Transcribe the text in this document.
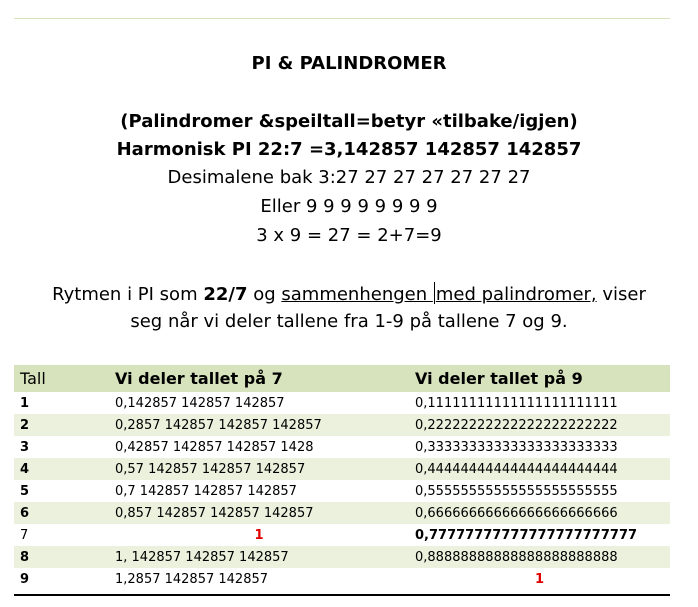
PI & PALINDROMER
(Palindromer &speiltall=betyr «tilbake/igjen)
Harmonisk PI 22:7 =3,142857 142857 142857
Desimalene bak 3:27 27 27 27 27 27 27
Eller 9 9 9 9 9 9 9 9
3 x 9 = 27 = 2+7=9
Rytmen i PI som 22/7 og sammenhengen med palindromer, viser
seg når vi deler tallene fra 1-9 på tallene 7 og 9.
Tall	Vi deler tallet på 7	Vi deler tallet på 9
1	0,142857 142857 142857	0,11111111111111111111111
2	0,2857 142857 142857 142857	0,22222222222222222222222
3	0,42857 142857 142857 1428	0,33333333333333333333333
4	0,57 142857 142857 142857	0,44444444444444444444444
5	0,7 142857 142857 142857	0,55555555555555555555555
6	0,857 142857 142857 142857	0,66666666666666666666666
7	1	0,77777777777777777777777
8	1, 142857 142857 142857	0,88888888888888888888888
9	1,2857 142857 142857	1
